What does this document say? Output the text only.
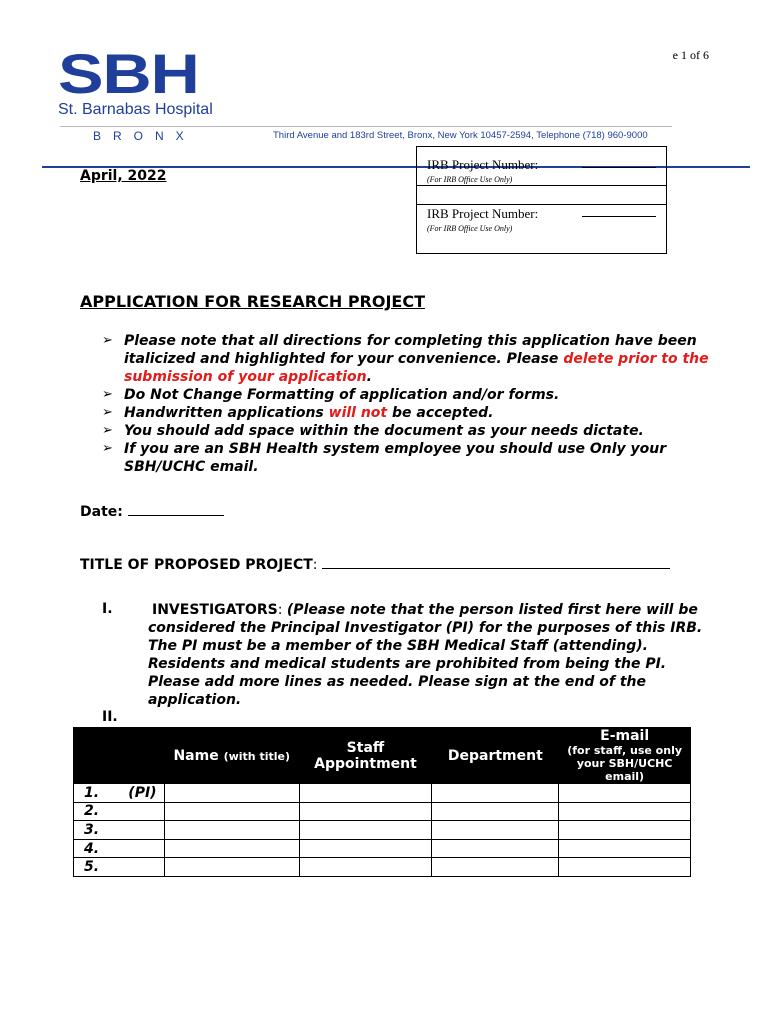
e 1 of 6
SBH
St. Barnabas Hospital
BRONX	Third Avenue and 183rd Street, Bronx, New York 10457-2594, Telephone (718) 960-9000
April, 2022
IRB Project Number:
(For IRB Office Use Only)
IRB Project Number:
(For IRB Office Use Only)
APPLICATION FOR RESEARCH PROJECT
➢ Please note that all directions for completing this application have been italicized and highlighted for your convenience. Please delete prior to the submission of your application.
➢ Do Not Change Formatting of application and/or forms.
➢ Handwritten applications will not be accepted.
➢ You should add space within the document as your needs dictate.
➢ If you are an SBH Health system employee you should use Only your SBH/UCHC email.
Date:
TITLE OF PROPOSED PROJECT:
I.	INVESTIGATORS: (Please note that the person listed first here will be considered the Principal Investigator (PI) for the purposes of this IRB. The PI must be a member of the SBH Medical Staff (attending). Residents and medical students are prohibited from being the PI. Please add more lines as needed. Please sign at the end of the application.
II.
	Name (with title)	Staff Appointment	Department	E-mail
(for staff, use only your SBH/UCHC email)

1.      (PI)				
2.				
3.				
4.				
5.				
